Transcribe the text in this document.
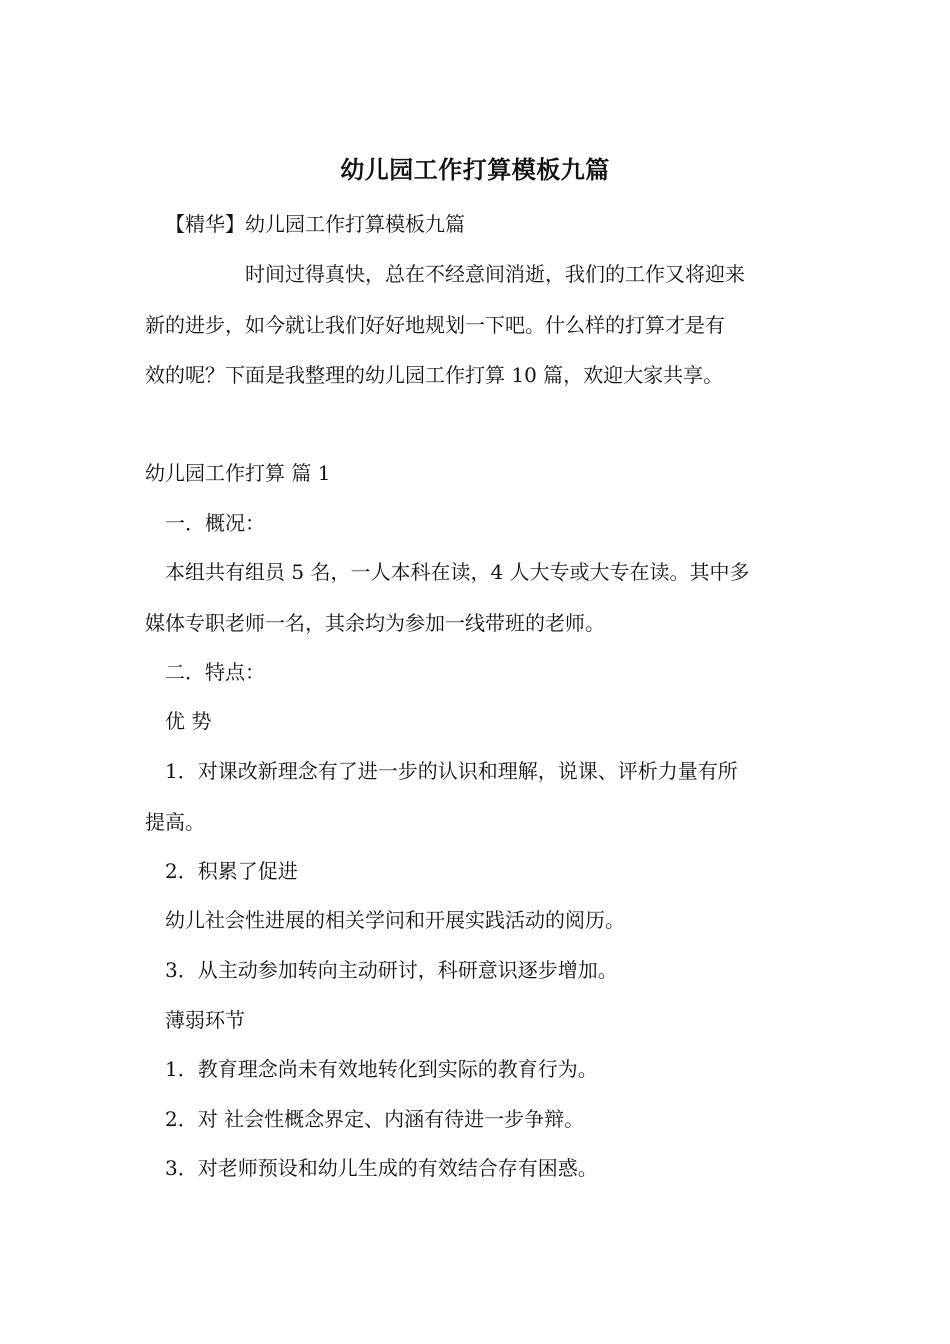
幼儿园工作打算模板九篇
【精华】幼儿园工作打算模板九篇
时间过得真快，总在不经意间消逝，我们的工作又将迎来
新的进步，如今就让我们好好地规划一下吧。什么样的打算才是有
效的呢？下面是我整理的幼儿园工作打算 10 篇，欢迎大家共享。
幼儿园工作打算 篇 1
一．概况：
本组共有组员 5 名，一人本科在读，4 人大专或大专在读。其中多
媒体专职老师一名，其余均为参加一线带班的老师。
二．特点：
优 势
1．对课改新理念有了进一步的认识和理解，说课、评析力量有所
提高。
2．积累了促进
幼儿社会性进展的相关学问和开展实践活动的阅历。
3．从主动参加转向主动研讨，科研意识逐步增加。
薄弱环节
1．教育理念尚未有效地转化到实际的教育行为。
2．对 社会性概念界定、内涵有待进一步争辩。
3．对老师预设和幼儿生成的有效结合存有困惑。
